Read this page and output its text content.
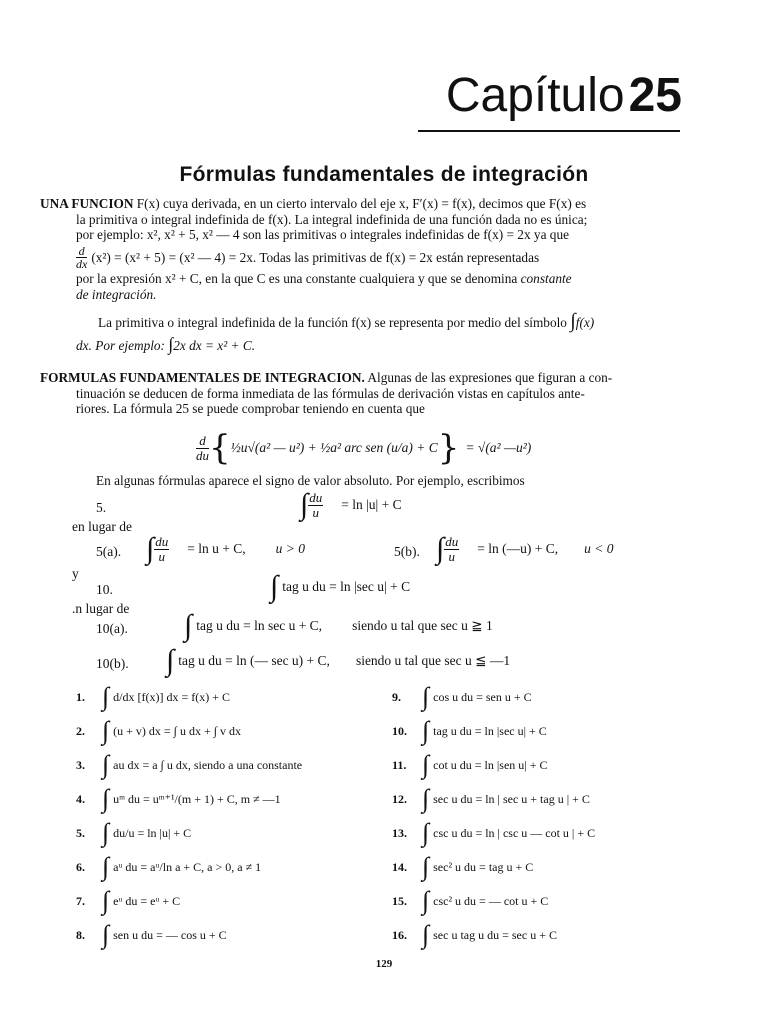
Capítulo25
Fórmulas fundamentales de integración
UNA FUNCION F(x) cuya derivada, en un cierto intervalo del eje x, F′(x) = f(x), decimos que F(x) es
la primitiva o integral indefinida de f(x). La integral indefinida de una función dada no es única;
por ejemplo: x², x² + 5, x² — 4 son las primitivas o integrales indefinidas de f(x) = 2x ya que
$\frac{d}{dx} (x^2) = (x^2 + 5) = (x^2$ — 4) = 2x. Todas las primitivas de f(x) = 2x están representadas
por la expresión x² + C, en la que C es una constante cualquiera y que se denomina constante
de integración.
La primitiva o integral indefinida de la función f(x) se representa por medio del símbolo ∫f(x)
dx. Por ejemplo: ∫2x dx = x² + C.
FORMULAS FUNDAMENTALES DE INTEGRACION. Algunas de las expresiones que figuran a con-
tinuación se deducen de forma inmediata de las fórmulas de derivación vistas en capítulos ante-
riores. La fórmula 25 se puede comprobar teniendo en cuenta que
$\frac{d}{du}$ { ½u√(a² — u²) + ½a² arc sen (u/a) + C } = √(a² —u²)
En algunas fórmulas aparece el signo de valor absoluto. Por ejemplo, escribimos
5.	∫ $\frac{du}{u} = \ln |u| + C$
en lugar de
5(a). ∫ $\frac{du}{u} = \ln u + C$, u > 0	5(b). ∫ $\frac{du}{u} = \ln$ (—u) + C, u < 0
y
10.	∫ tag u du = ln |sec u| + C
.n lugar de
10(a). ∫ tag u du = ln sec u + C, siendo u tal que sec u ≧ 1
10(b). ∫ tag u du = ln (— sec u) + C, siendo u tal que sec u ≦ —1
1. ∫ d/dx [f(x)] dx = f(x) + C
2. ∫ (u + v) dx = ∫ u dx + ∫ v dx
3. ∫ au dx = a ∫ u dx, siendo a una constante
4. ∫ uᵐ du = uᵐ⁺¹/(m + 1) + C, m ≠ —1
5. ∫ du/u = ln |u| + C
6. ∫ aᵘ du = aᵘ/ln a + C, a > 0, a ≠ 1
7. ∫ eᵘ du = eᵘ + C
8. ∫ sen u du = — cos u + C
9. ∫ cos u du = sen u + C
10. ∫ tag u du = ln |sec u| + C
11. ∫ cot u du = ln |sen u| + C
12. ∫ sec u du = ln | sec u + tag u | + C
13. ∫ csc u du = ln | csc u — cot u | + C
14. ∫ sec² u du = tag u + C
15. ∫ csc² u du = — cot u + C
16. ∫ sec u tag u du = sec u + C
129
